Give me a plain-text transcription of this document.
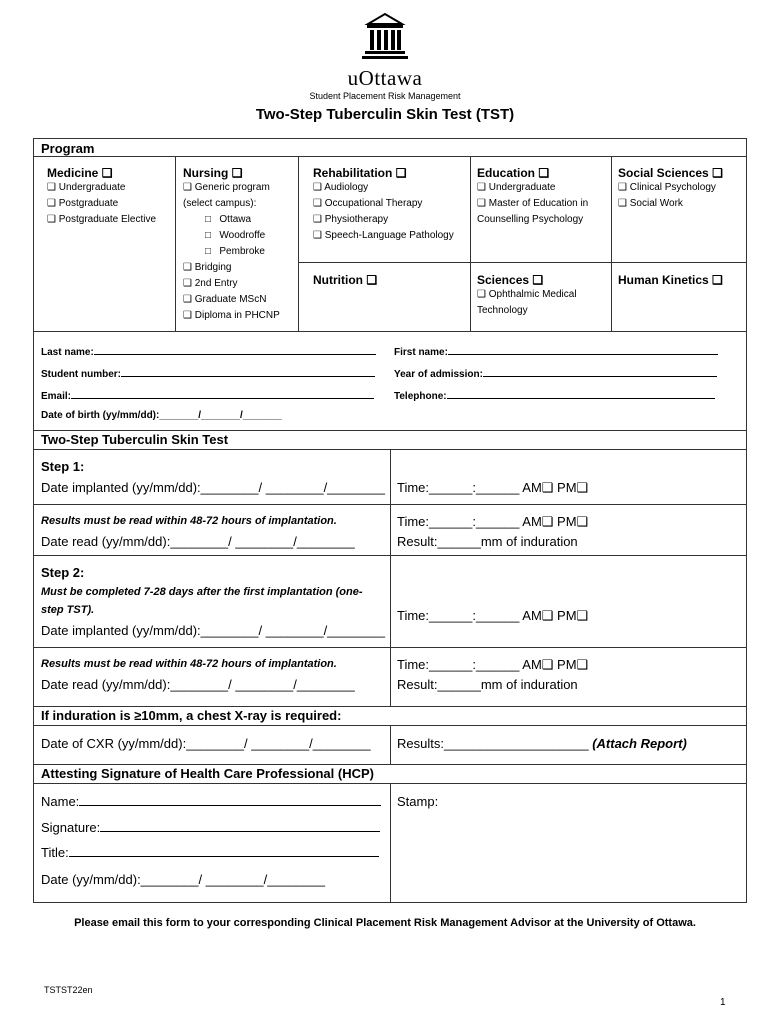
uOttawa
Student Placement Risk Management
Two-Step Tuberculin Skin Test (TST)
Program
Medicine ❑
❑ Undergraduate
❑ Postgraduate
❑ Postgraduate Elective
Nursing ❑
❑ Generic program
(select campus):
□ Ottawa
□ Woodroffe
□ Pembroke
❑ Bridging
❑ 2nd Entry
❑ Graduate MScN
❑ Diploma in PHCNP
Rehabilitation ❑
❑ Audiology
❑ Occupational Therapy
❑ Physiotherapy
❑ Speech-Language Pathology
Education ❑
❑ Undergraduate
❑ Master of Education in
Counselling Psychology
Social Sciences ❑
❑ Clinical Psychology
❑ Social Work
Nutrition ❑	Sciences ❑
❑ Ophthalmic Medical
Technology
Human Kinetics ❑
Last name:	First name:
Student number:	Year of admission:
Email:	Telephone:
Date of birth (yy/mm/dd):_______/_______/_______
Two-Step Tuberculin Skin Test
Step 1:
Date implanted (yy/mm/dd):________/ ________/________ Time:______:______ AM❑ PM❑
Results must be read within 48-72 hours of implantation.
Date read (yy/mm/dd):________/ ________/________
Time:______:______ AM❑ PM❑
Result:______mm of induration
Step 2:
Must be completed 7-28 days after the first implantation (one-
step TST).
Date implanted (yy/mm/dd):________/ ________/________
Time:______:______ AM❑ PM❑
Results must be read within 48-72 hours of implantation.
Date read (yy/mm/dd):________/ ________/________
Time:______:______ AM❑ PM❑
Result:______mm of induration
If induration is ≥10mm, a chest X-ray is required:
Date of CXR (yy/mm/dd):________/ ________/________ Results:____________________ (Attach Report)
Attesting Signature of Health Care Professional (HCP)
Name:
Signature:
Title:
Date (yy/mm/dd):________/ ________/________
Stamp:
Please email this form to your corresponding Clinical Placement Risk Management Advisor at the University of Ottawa.
TSTST22en
1
